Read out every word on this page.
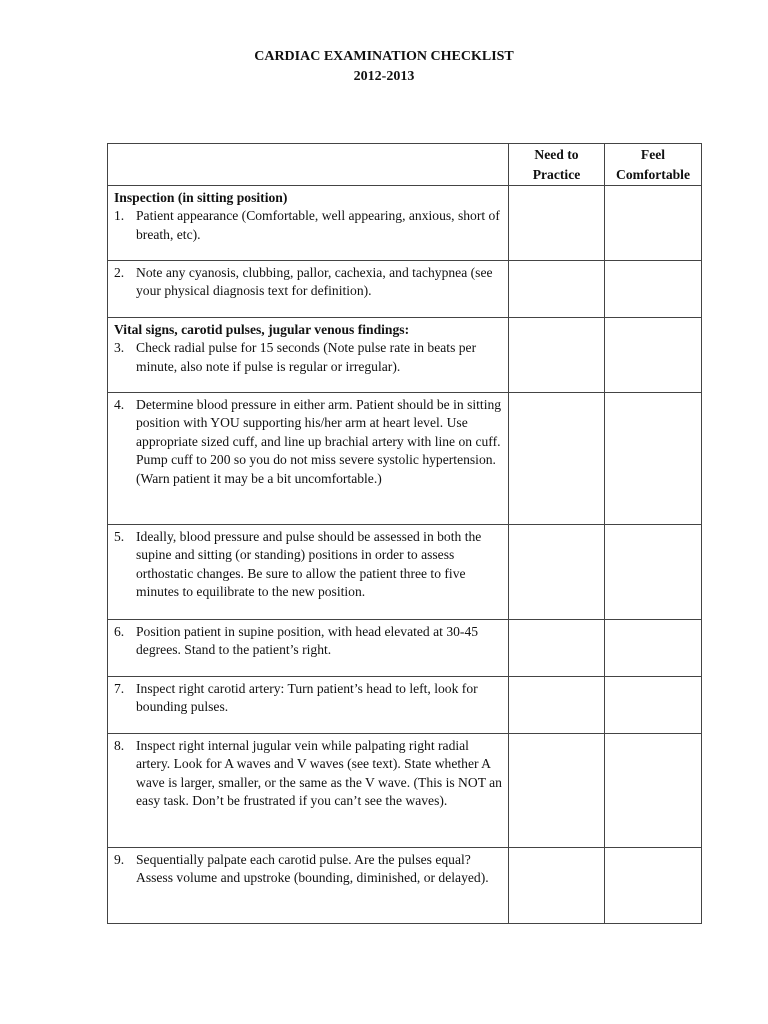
CARDIAC EXAMINATION CHECKLIST
2012-2013
	Need to Practice	Feel Comfortable

Inspection (in sitting position)
1. Patient appearance (Comfortable, well appearing, anxious, short of breath, etc).		

2. Note any cyanosis, clubbing, pallor, cachexia, and tachypnea (see your physical diagnosis text for definition).		

Vital signs, carotid pulses, jugular venous findings:
3. Check radial pulse for 15 seconds (Note pulse rate in beats per minute, also note if pulse is regular or irregular).		

4. Determine blood pressure in either arm. Patient should be in sitting position with YOU supporting his/her arm at heart level. Use appropriate sized cuff, and line up brachial artery with line on cuff. Pump cuff to 200 so you do not miss severe systolic hypertension. (Warn patient it may be a bit uncomfortable.)		

5. Ideally, blood pressure and pulse should be assessed in both the supine and sitting (or standing) positions in order to assess orthostatic changes. Be sure to allow the patient three to five minutes to equilibrate to the new position.		

6. Position patient in supine position, with head elevated at 30-45 degrees. Stand to the patient’s right.		

7. Inspect right carotid artery: Turn patient’s head to left, look for bounding pulses.		

8. Inspect right internal jugular vein while palpating right radial artery. Look for A waves and V waves (see text). State whether A wave is larger, smaller, or the same as the V wave. (This is NOT an easy task. Don’t be frustrated if you can’t see the waves).		

9. Sequentially palpate each carotid pulse. Are the pulses equal? Assess volume and upstroke (bounding, diminished, or delayed).		
